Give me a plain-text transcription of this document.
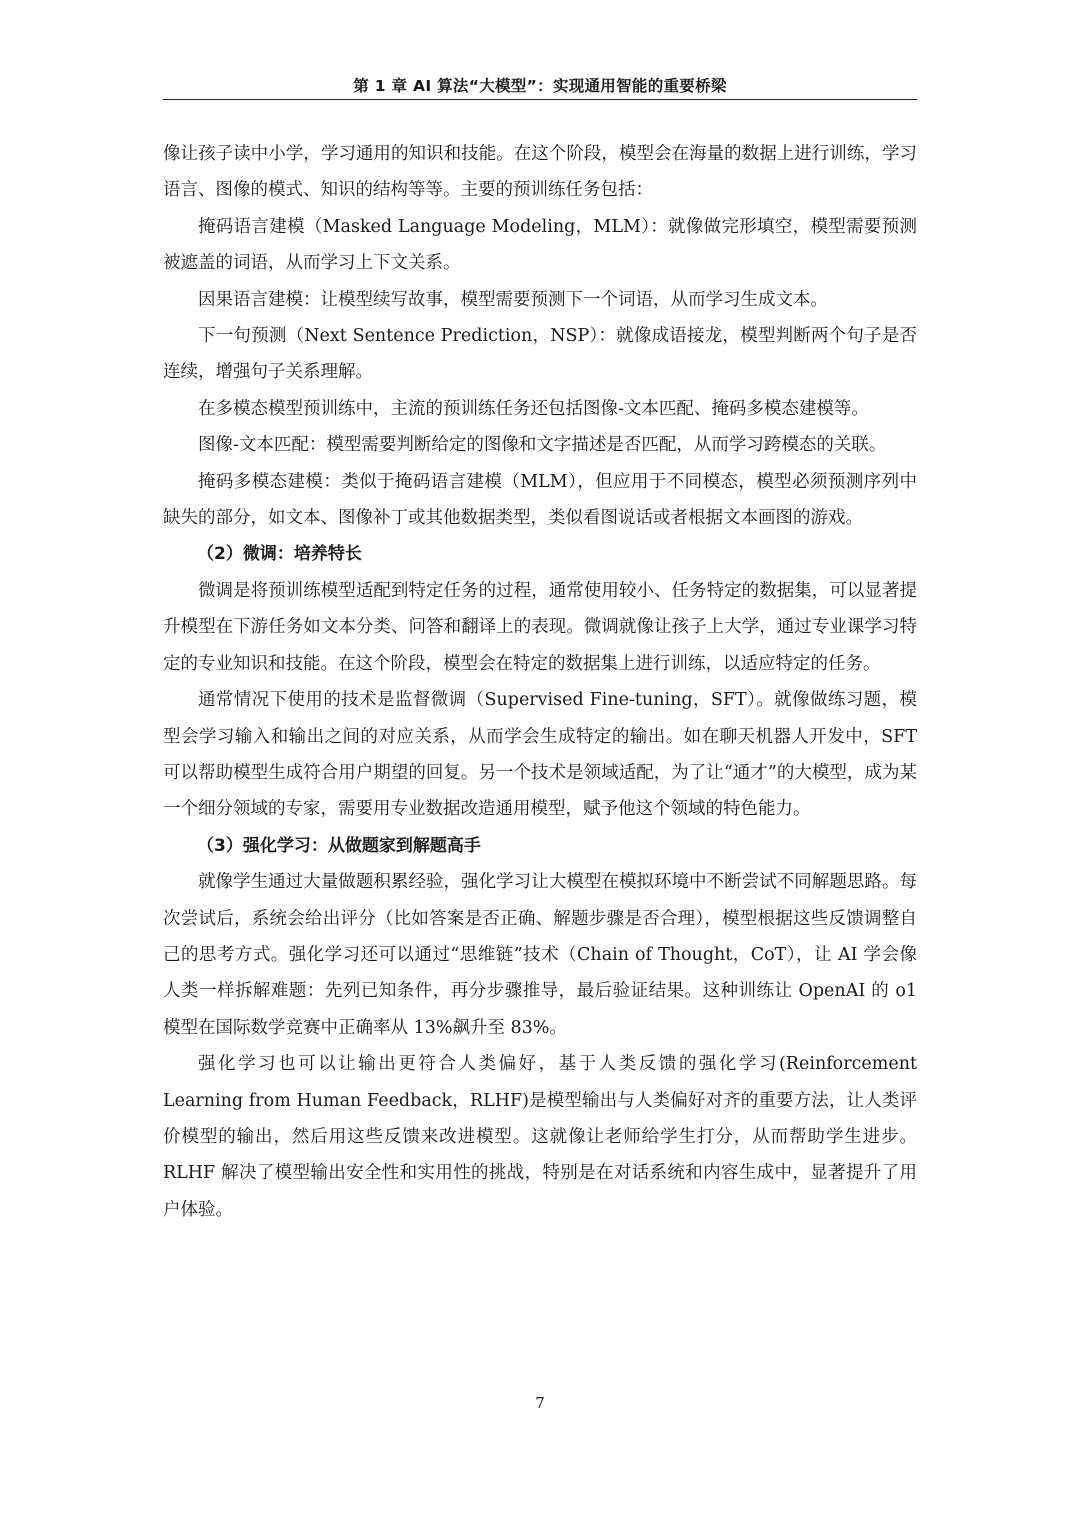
第 1 章 AI 算法“大模型”：实现通用智能的重要桥梁

像让孩子读中小学，学习通用的知识和技能。在这个阶段，模型会在海量的数据上进行训练，学习语言、图像的模式、知识的结构等等。主要的预训练任务包括：

掩码语言建模（Masked Language Modeling，MLM）：就像做完形填空，模型需要预测被遮盖的词语，从而学习上下文关系。

因果语言建模：让模型续写故事，模型需要预测下一个词语，从而学习生成文本。

下一句预测（Next Sentence Prediction，NSP）：就像成语接龙，模型判断两个句子是否连续，增强句子关系理解。

在多模态模型预训练中，主流的预训练任务还包括图像-文本匹配、掩码多模态建模等。

图像-文本匹配：模型需要判断给定的图像和文字描述是否匹配，从而学习跨模态的关联。

掩码多模态建模：类似于掩码语言建模（MLM），但应用于不同模态，模型必须预测序列中缺失的部分，如文本、图像补丁或其他数据类型，类似看图说话或者根据文本画图的游戏。

（2）微调：培养特长

微调是将预训练模型适配到特定任务的过程，通常使用较小、任务特定的数据集，可以显著提升模型在下游任务如文本分类、问答和翻译上的表现。微调就像让孩子上大学，通过专业课学习特定的专业知识和技能。在这个阶段，模型会在特定的数据集上进行训练，以适应特定的任务。

通常情况下使用的技术是监督微调（Supervised Fine-tuning，SFT）。就像做练习题，模型会学习输入和输出之间的对应关系，从而学会生成特定的输出。如在聊天机器人开发中，SFT 可以帮助模型生成符合用户期望的回复。另一个技术是领域适配，为了让“通才”的大模型，成为某一个细分领域的专家，需要用专业数据改造通用模型，赋予他这个领域的特色能力。

（3）强化学习：从做题家到解题高手

就像学生通过大量做题积累经验，强化学习让大模型在模拟环境中不断尝试不同解题思路。每次尝试后，系统会给出评分（比如答案是否正确、解题步骤是否合理），模型根据这些反馈调整自己的思考方式。强化学习还可以通过“思维链”技术（Chain of Thought，CoT），让 AI 学会像人类一样拆解难题：先列已知条件，再分步骤推导，最后验证结果。这种训练让 OpenAI 的 o1 模型在国际数学竞赛中正确率从 13%飙升至 83%。

强化学习也可以让输出更符合人类偏好，基于人类反馈的强化学习(Reinforcement Learning from Human Feedback，RLHF)是模型输出与人类偏好对齐的重要方法，让人类评价模型的输出，然后用这些反馈来改进模型。这就像让老师给学生打分，从而帮助学生进步。RLHF 解决了模型输出安全性和实用性的挑战，特别是在对话系统和内容生成中，显著提升了用户体验。

7
